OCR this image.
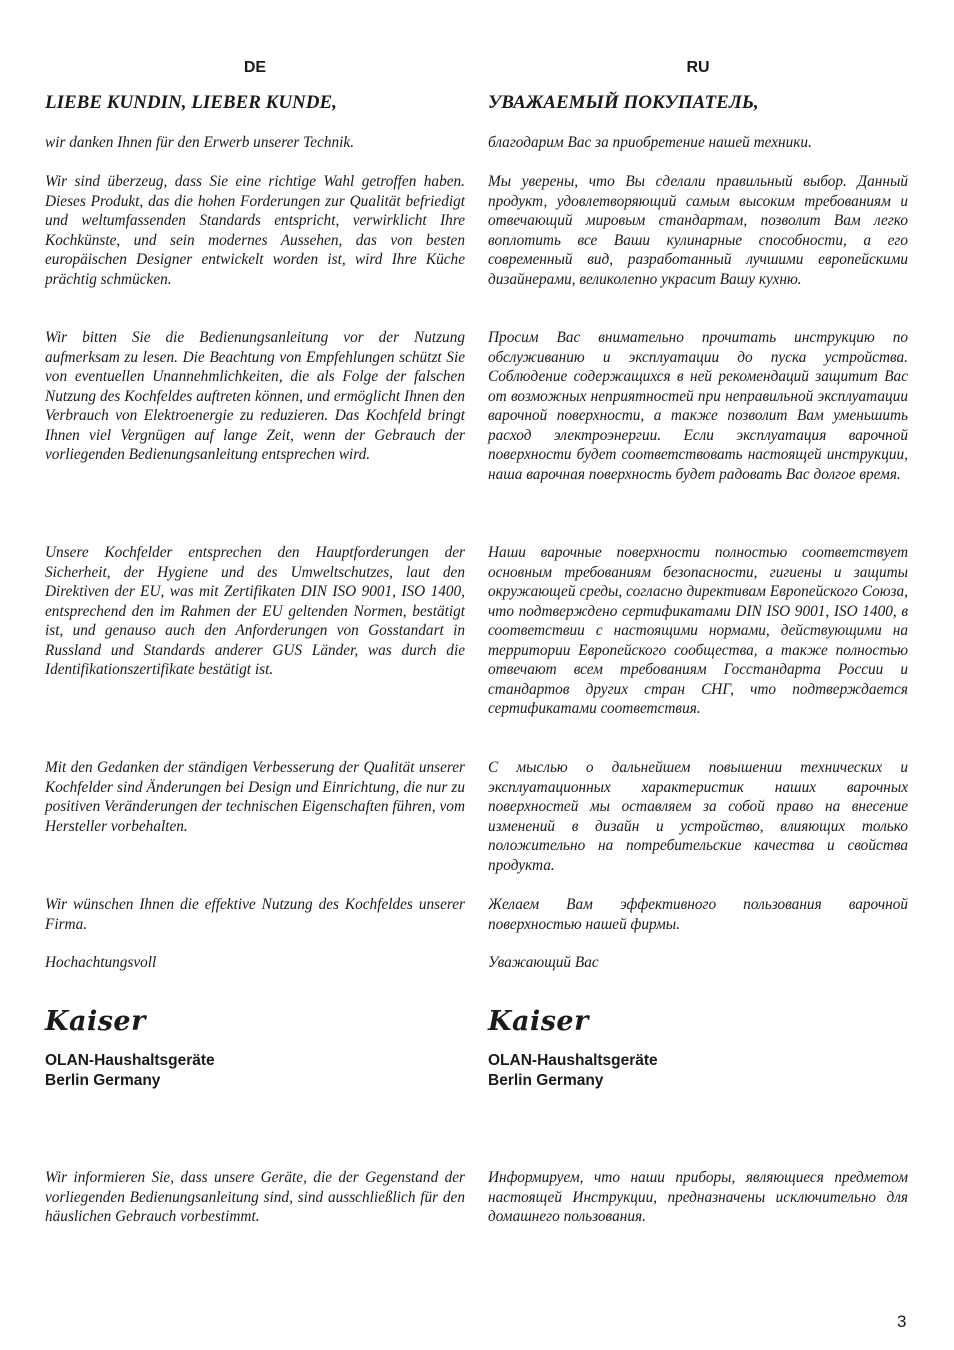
DE
LIEBE KUNDIN, LIEBER KUNDE,

wir danken Ihnen für den Erwerb unserer Technik.

Wir sind überzeug, dass Sie eine richtige Wahl getroffen haben. Dieses Produkt, das die hohen Forderungen zur Qualität befriedigt und weltumfassenden Standards entspricht, verwirklicht Ihre Kochkünste, und sein modernes Aussehen, das von besten europäischen Designer entwickelt worden ist, wird Ihre Küche prächtig schmücken.

Wir bitten Sie die Bedienungsanleitung vor der Nutzung aufmerksam zu lesen. Die Beachtung von Empfehlungen schützt Sie von eventuellen Unannehmlichkeiten, die als Folge der falschen Nutzung des Kochfeldes auftreten können, und ermöglicht Ihnen den Verbrauch von Elektroenergie zu reduzieren. Das Kochfeld bringt Ihnen viel Vergnügen auf lange Zeit, wenn der Gebrauch der vorliegenden Bedienungsanleitung entsprechen wird.

Unsere Kochfelder entsprechen den Hauptforderungen der Sicherheit, der Hygiene und des Umweltschutzes, laut den Direktiven der EU, was mit Zertifikaten DIN ISO 9001, ISO 1400, entsprechend den im Rahmen der EU geltenden Normen, bestätigt ist, und genauso auch den Anforderungen von Gosstandart in Russland und Standards anderer GUS Länder, was durch die Identifikationszertifikate bestätigt ist.

Mit den Gedanken der ständigen Verbesserung der Qualität unserer Kochfelder sind Änderungen bei Design und Einrichtung, die nur zu positiven Veränderungen der technischen Eigenschaften führen, vom Hersteller vorbehalten.

Wir wünschen Ihnen die effektive Nutzung des Kochfeldes unserer Firma.

Hochachtungsvoll

Kaiser
OLAN-Haushaltsgeräte
Berlin Germany

Wir informieren Sie, dass unsere Geräte, die der Gegenstand der vorliegenden Bedienungsanleitung sind, sind ausschließlich für den häuslichen Gebrauch vorbestimmt.

RU
УВАЖАЕМЫЙ ПОКУПАТЕЛЬ,

благодарим Вас за приобретение нашей техники.

Мы уверены, что Вы сделали правильный выбор. Данный продукт, удовлетворяющий самым высоким требованиям и отвечающий мировым стандартам, позволит Вам легко воплотить все Ваши кулинарные способности, а его современный вид, разработанный лучшими европейскими дизайнерами, великолепно украсит Вашу кухню.

Просим Вас внимательно прочитать инструкцию по обслуживанию и эксплуатации до пуска устройства. Соблюдение содержащихся в ней рекомендаций защитит Вас от возможных неприятностей при неправильной эксплуатации варочной поверхности, а также позволит Вам уменьшить расход электроэнергии. Если эксплуатация варочной поверхности будет соответствовать настоящей инструкции, наша варочная поверхность будет радовать Вас долгое время.

Наши варочные поверхности полностью соответствует основным требованиям безопасности, гигиены и защиты окружающей среды, согласно директивам Европейского Союза, что подтверждено сертификатами DIN ISO 9001, ISO 1400, в соответствии с настоящими нормами, действующими на территории Европейского сообщества, а также полностью отвечают всем требованиям Госстандарта России и стандартов других стран СНГ, что подтверждается сертификатами соответствия.

С мыслью о дальнейшем повышении технических и эксплуатационных характеристик наших варочных поверхностей мы оставляем за собой право на внесение изменений в дизайн и устройство, влияющих только положительно на потребительские качества и свойства продукта.

Желаем Вам эффективного пользования варочной поверхностью нашей фирмы.

Уважающий Вас

Kaiser
OLAN-Haushaltsgeräte
Berlin Germany

Информируем, что наши приборы, являющиеся предметом настоящей Инструкции, предназначены исключительно для домашнего пользования.

3
